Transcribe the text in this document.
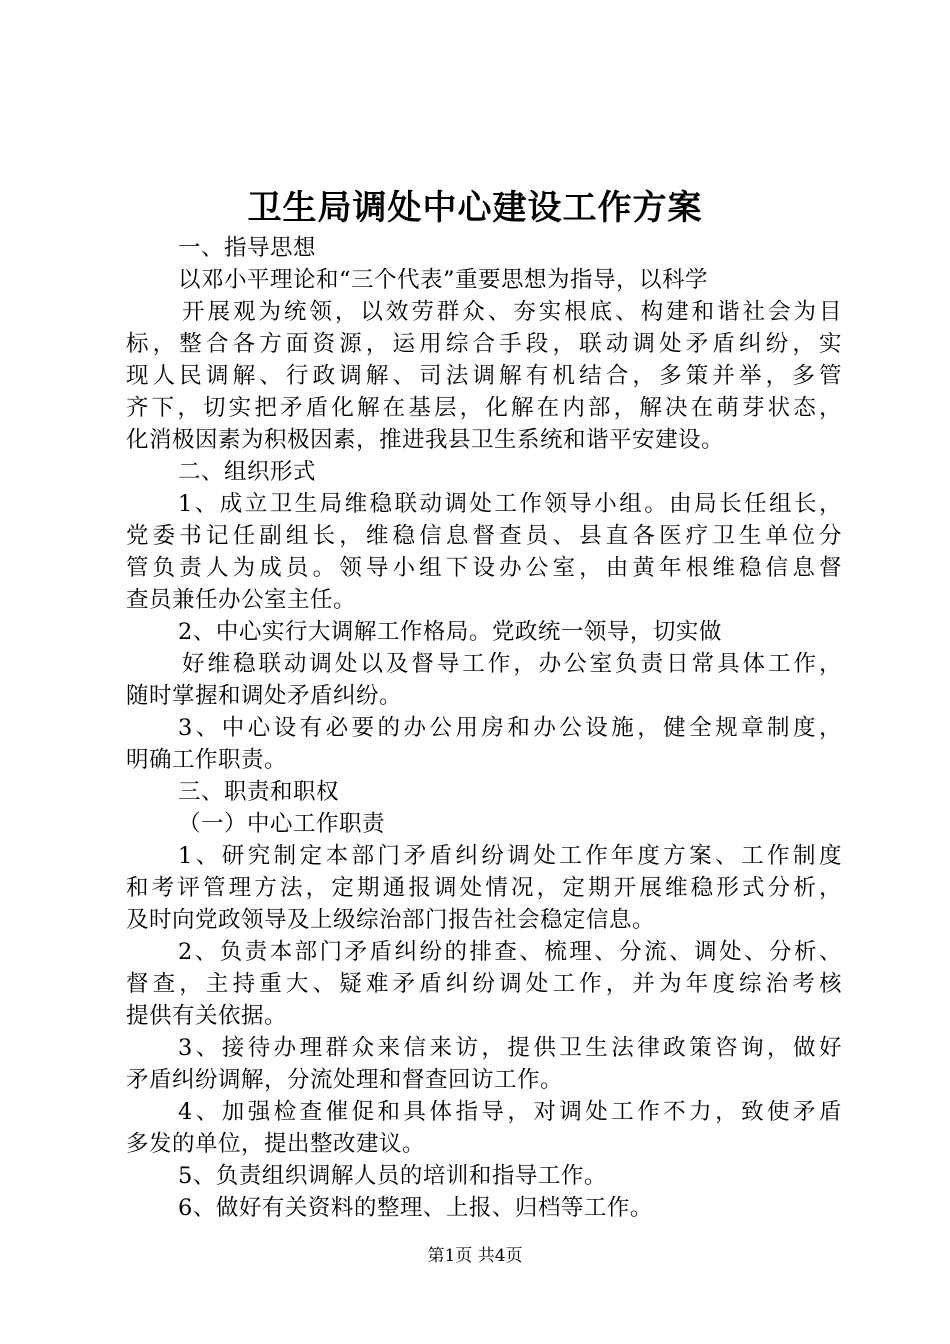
卫生局调处中心建设工作方案
一、指导思想
以邓小平理论和“三个代表”重要思想为指导，以科学
开展观为统领，以效劳群众、夯实根底、构建和谐社会为目
标，整合各方面资源，运用综合手段，联动调处矛盾纠纷，实
现人民调解、行政调解、司法调解有机结合，多策并举，多管
齐下，切实把矛盾化解在基层，化解在内部，解决在萌芽状态，
化消极因素为积极因素，推进我县卫生系统和谐平安建设。
二、组织形式
1、成立卫生局维稳联动调处工作领导小组。由局长任组长，
党委书记任副组长，维稳信息督查员、县直各医疗卫生单位分
管负责人为成员。领导小组下设办公室，由黄年根维稳信息督
查员兼任办公室主任。
2、中心实行大调解工作格局。党政统一领导，切实做
好维稳联动调处以及督导工作，办公室负责日常具体工作，
随时掌握和调处矛盾纠纷。
3、中心设有必要的办公用房和办公设施，健全规章制度，
明确工作职责。
三、职责和职权
（一）中心工作职责
1、研究制定本部门矛盾纠纷调处工作年度方案、工作制度
和考评管理方法，定期通报调处情况，定期开展维稳形式分析，
及时向党政领导及上级综治部门报告社会稳定信息。
2、负责本部门矛盾纠纷的排查、梳理、分流、调处、分析、
督查，主持重大、疑难矛盾纠纷调处工作，并为年度综治考核
提供有关依据。
3、接待办理群众来信来访，提供卫生法律政策咨询，做好
矛盾纠纷调解，分流处理和督查回访工作。
4、加强检查催促和具体指导，对调处工作不力，致使矛盾
多发的单位，提出整改建议。
5、负责组织调解人员的培训和指导工作。
6、做好有关资料的整理、上报、归档等工作。
第1页 共4页
